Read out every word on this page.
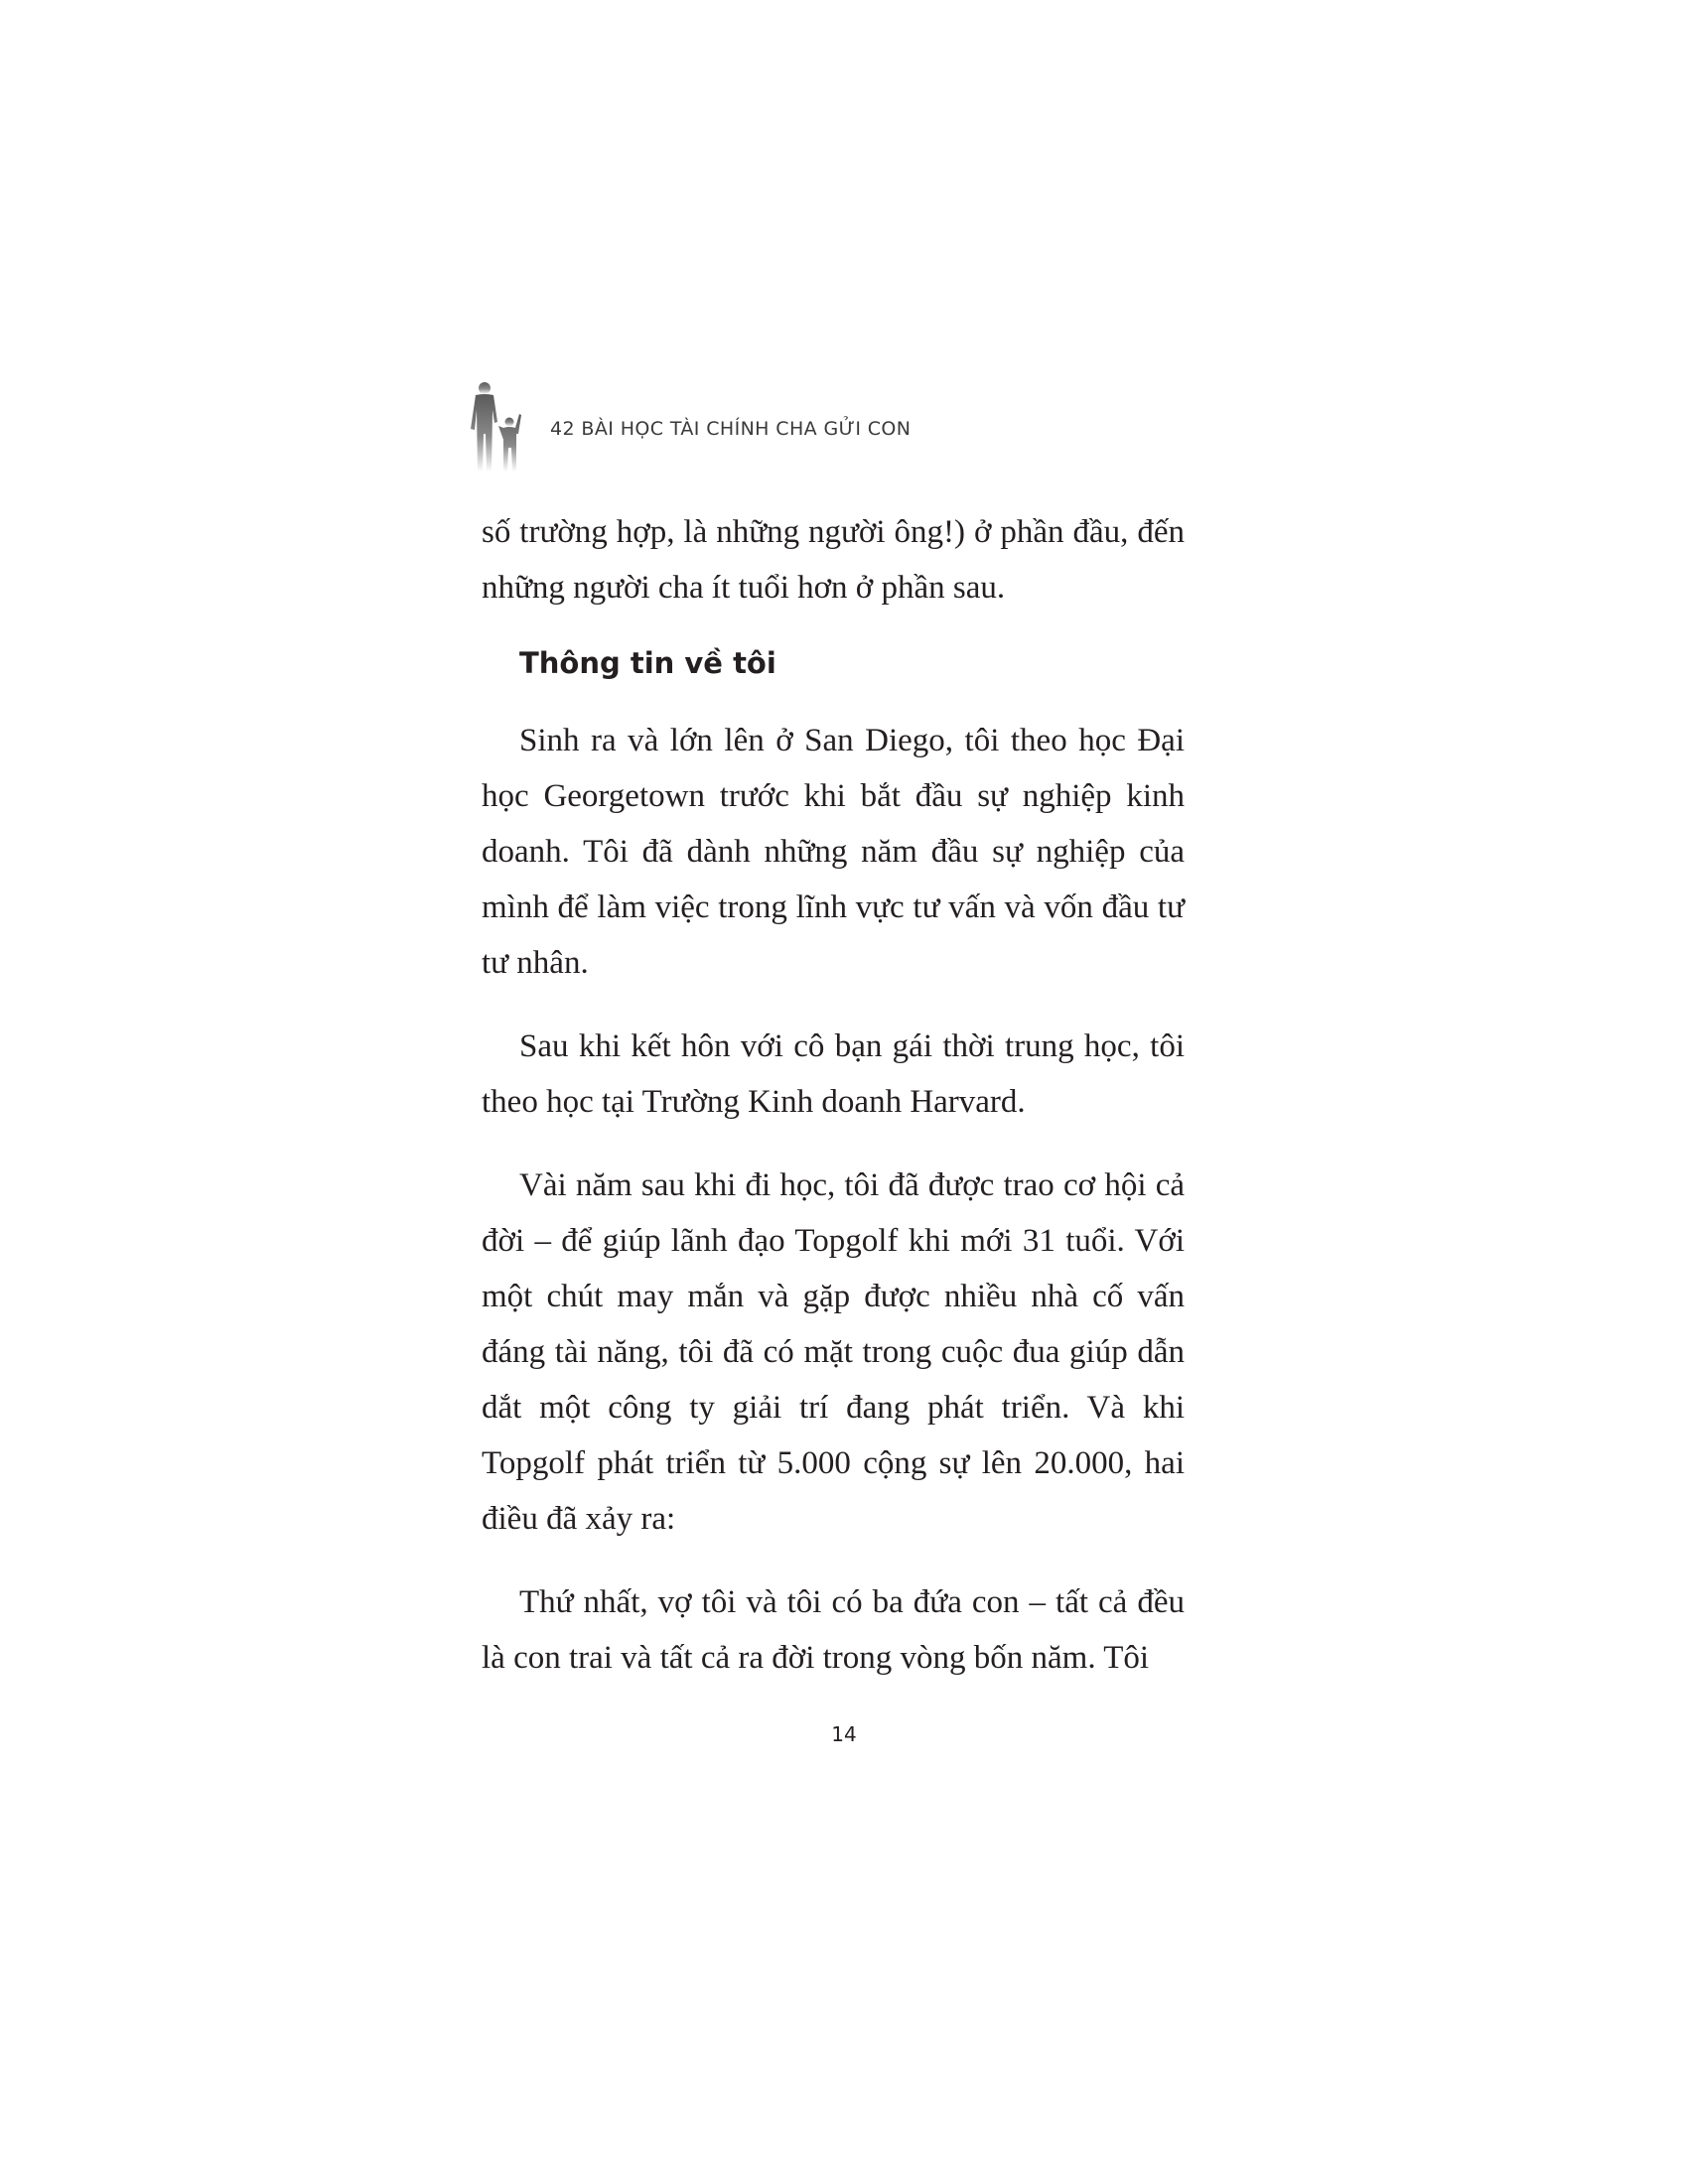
42 BÀI HỌC TÀI CHÍNH CHA GỬI CON

số trường hợp, là những người ông!) ở phần đầu, đến những người cha ít tuổi hơn ở phần sau.

Thông tin về tôi

Sinh ra và lớn lên ở San Diego, tôi theo học Đại học Georgetown trước khi bắt đầu sự nghiệp kinh doanh. Tôi đã dành những năm đầu sự nghiệp của mình để làm việc trong lĩnh vực tư vấn và vốn đầu tư tư nhân.

Sau khi kết hôn với cô bạn gái thời trung học, tôi theo học tại Trường Kinh doanh Harvard.

Vài năm sau khi đi học, tôi đã được trao cơ hội cả đời – để giúp lãnh đạo Topgolf khi mới 31 tuổi. Với một chút may mắn và gặp được nhiều nhà cố vấn đáng tài năng, tôi đã có mặt trong cuộc đua giúp dẫn dắt một công ty giải trí đang phát triển. Và khi Topgolf phát triển từ 5.000 cộng sự lên 20.000, hai điều đã xảy ra:

Thứ nhất, vợ tôi và tôi có ba đứa con – tất cả đều là con trai và tất cả ra đời trong vòng bốn năm. Tôi

14
